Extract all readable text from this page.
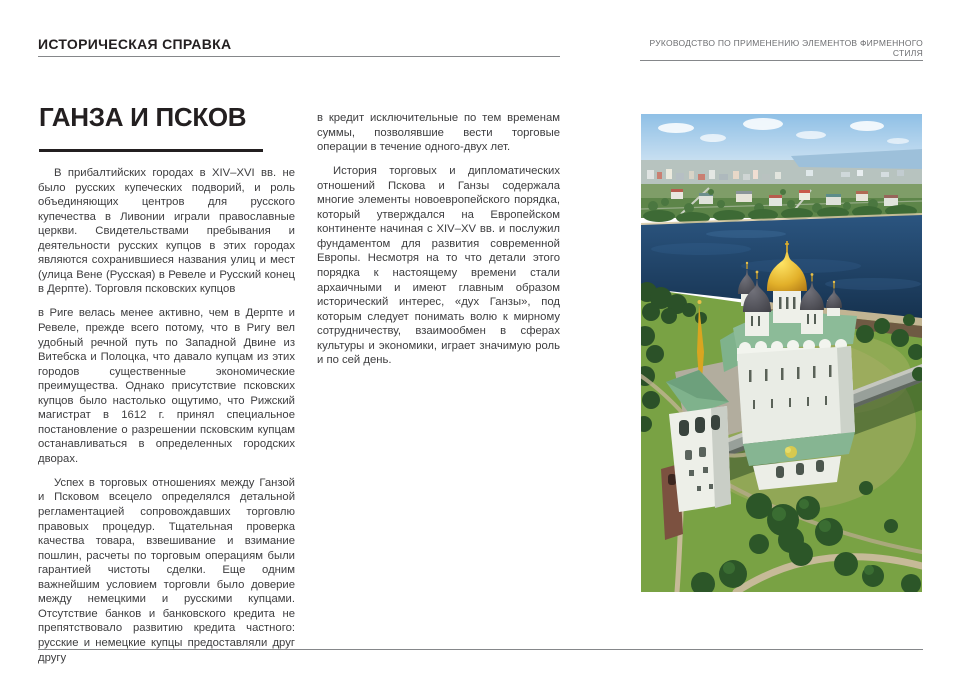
ИСТОРИЧЕСКАЯ СПРАВКА	РУКОВОДСТВО ПО ПРИМЕНЕНИЮ ЭЛЕМЕНТОВ ФИРМЕННОГО СТИЛЯ
ГАНЗА И ПСКОВ

В прибалтийских городах в XIV–XVI вв. не было русских купеческих подворий, и роль объединяющих центров для русского купечества в Ливонии играли православные церкви. Свидетельствами пребывания и деятельности русских купцов в этих городах являются сохранившиеся названия улиц и мест (улица Вене (Русская) в Ревеле и Русский конец в Дерпте). Торговля псковских купцов

в Риге велась менее активно, чем в Дерпте и Ревеле, прежде всего потому, что в Ригу вел удобный речной путь по Западной Двине из Витебска и Полоцка, что давало купцам из этих городов существенные экономические преимущества. Однако присутствие псковских купцов было настолько ощутимо, что Рижский магистрат в 1612 г. принял специальное постановление о разрешении псковским купцам останавливаться в определенных городских дворах.

Успех в торговых отношениях между Ганзой и Псковом всецело определялся детальной регламентацией сопровождавших торговлю правовых процедур. Тщательная проверка качества товара, взвешивание и взимание пошлин, расчеты по торговым операциям были гарантией чистоты сделки. Еще одним важнейшим условием торговли было доверие между немецкими и русскими купцами. Отсутствие банков и банковского кредита не препятствовало развитию кредита частного: русские и немецкие купцы предоставляли друг другу

в кредит исключительные по тем временам суммы, позволявшие вести торговые операции в течение одного-двух лет.

История торговых и дипломатических отношений Пскова и Ганзы содержала многие элементы новоевропейского порядка, который утверждался на Европейском континенте начиная с XIV–XV вв. и послужил фундаментом для развития современной Европы. Несмотря на то что детали этого порядка к настоящему времени стали архаичными и имеют главным образом исторический интерес, «дух Ганзы», под которым следует понимать волю к мирному сотрудничеству, взаимообмен в сферах культуры и экономики, играет значимую роль и по сей день.
